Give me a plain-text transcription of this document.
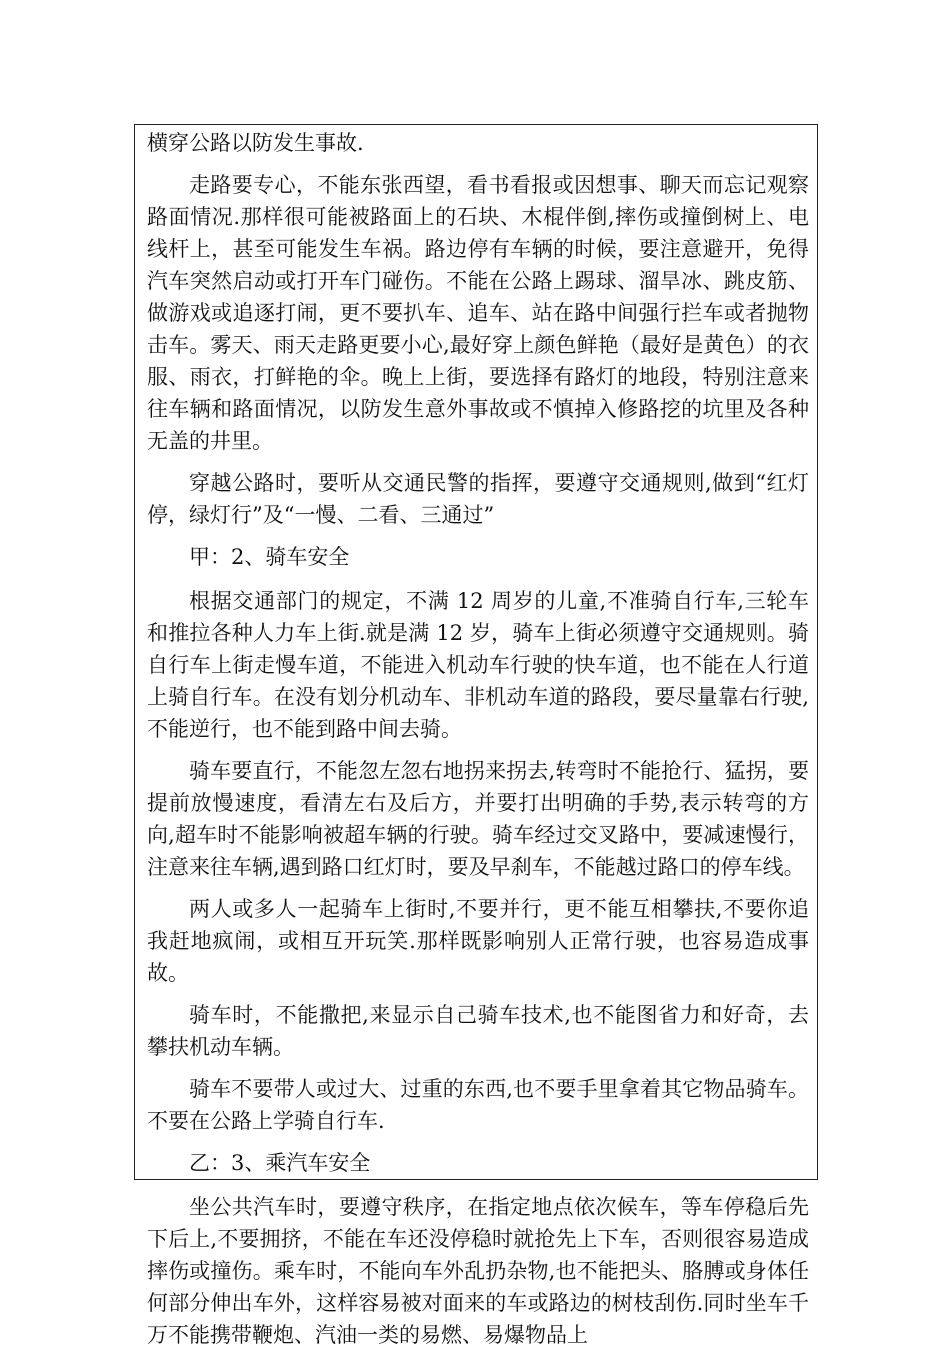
横穿公路以防发生事故.

走路要专心，不能东张西望，看书看报或因想事、聊天而忘记观察路面情况.那样很可能被路面上的石块、木棍伴倒,摔伤或撞倒树上、电线杆上，甚至可能发生车祸。路边停有车辆的时候，要注意避开，免得汽车突然启动或打开车门碰伤。不能在公路上踢球、溜旱冰、跳皮筋、做游戏或追逐打闹，更不要扒车、追车、站在路中间强行拦车或者抛物击车。雾天、雨天走路更要小心,最好穿上颜色鲜艳（最好是黄色）的衣服、雨衣，打鲜艳的伞。晚上上街，要选择有路灯的地段，特别注意来往车辆和路面情况，以防发生意外事故或不慎掉入修路挖的坑里及各种无盖的井里。

穿越公路时，要听从交通民警的指挥，要遵守交通规则,做到“红灯停，绿灯行”及“一慢、二看、三通过”

甲：2、骑车安全

根据交通部门的规定，不满 12 周岁的儿童,不准骑自行车,三轮车和推拉各种人力车上街.就是满 12 岁，骑车上街必须遵守交通规则。骑自行车上街走慢车道，不能进入机动车行驶的快车道，也不能在人行道上骑自行车。在没有划分机动车、非机动车道的路段，要尽量靠右行驶,不能逆行，也不能到路中间去骑。

骑车要直行，不能忽左忽右地拐来拐去,转弯时不能抢行、猛拐，要提前放慢速度，看清左右及后方，并要打出明确的手势,表示转弯的方向,超车时不能影响被超车辆的行驶。骑车经过交叉路中，要减速慢行，注意来往车辆,遇到路口红灯时，要及早刹车，不能越过路口的停车线。

两人或多人一起骑车上街时,不要并行，更不能互相攀扶,不要你追我赶地疯闹，或相互开玩笑.那样既影响别人正常行驶，也容易造成事故。

骑车时，不能撒把,来显示自己骑车技术,也不能图省力和好奇，去攀扶机动车辆。

骑车不要带人或过大、过重的东西,也不要手里拿着其它物品骑车。不要在公路上学骑自行车.

乙：3、乘汽车安全

坐公共汽车时，要遵守秩序，在指定地点依次候车，等车停稳后先下后上,不要拥挤，不能在车还没停稳时就抢先上下车，否则很容易造成摔伤或撞伤。乘车时，不能向车外乱扔杂物,也不能把头、胳膊或身体任何部分伸出车外，这样容易被对面来的车或路边的树枝刮伤.同时坐车千万不能携带鞭炮、汽油一类的易燃、易爆物品上
